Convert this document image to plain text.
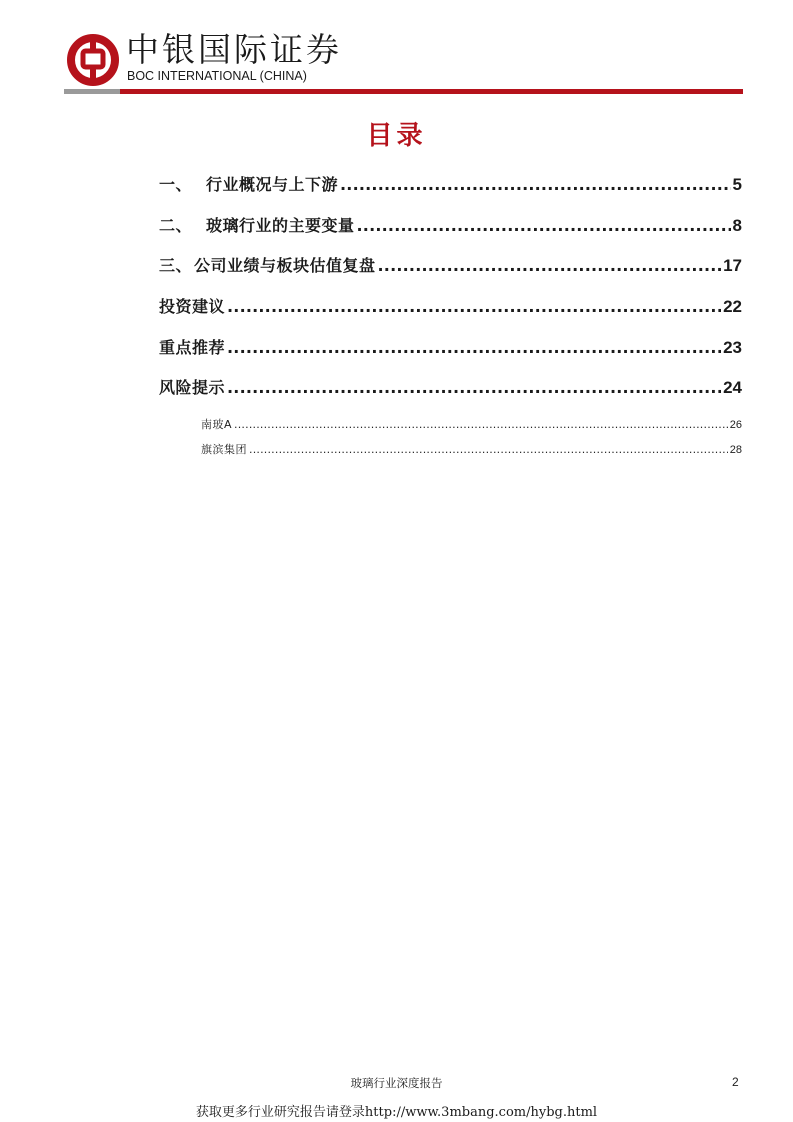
中银国际证券
BOC INTERNATIONAL (CHINA)
目录
一、 行业概况与上下游 .....	5
二、 玻璃行业的主要变量 .....	8
三、 公司业绩与板块估值复盘 .....	17
投资建议 .....	22
重点推荐 .....	23
风险提示 .....	24
南玻A .....	26
旗滨集团 .....	28
玻璃行业深度报告	2
获取更多行业研究报告请登录http://www.3mbang.com/hybg.html
